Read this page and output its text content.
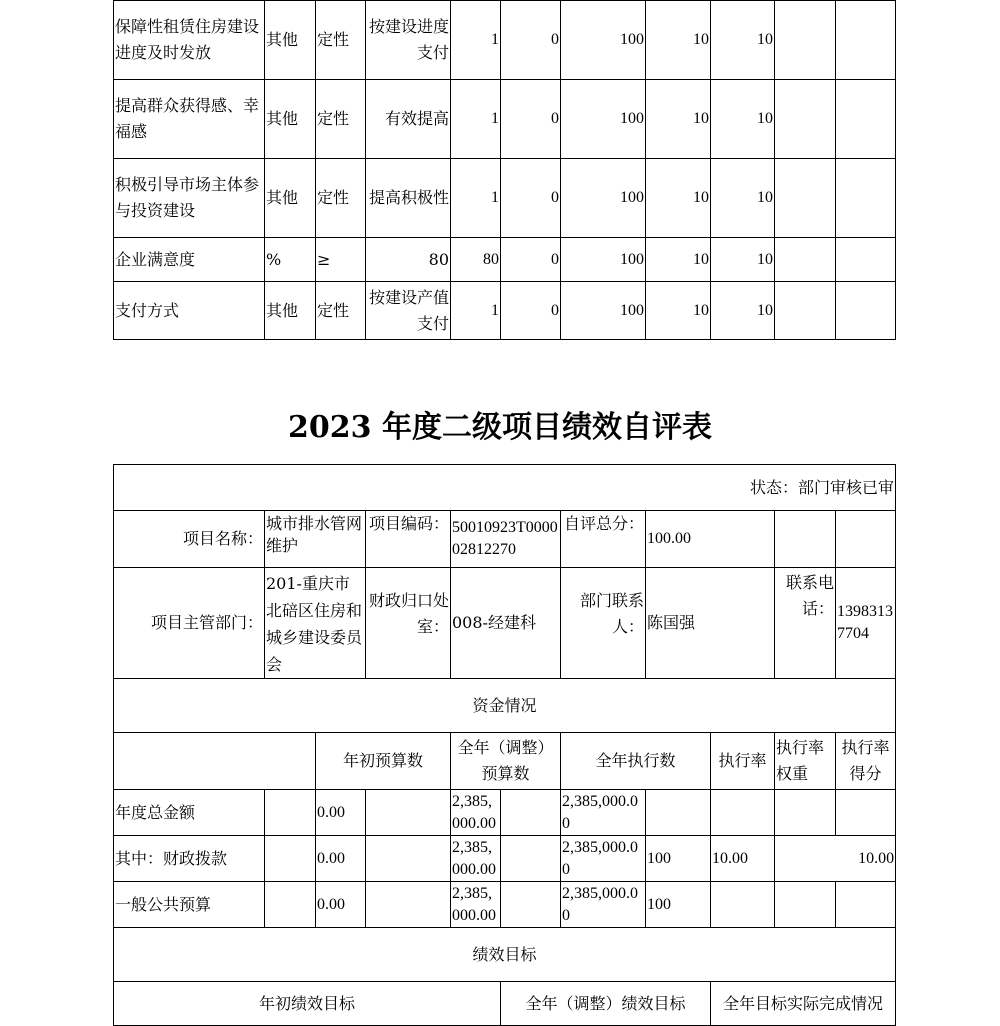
保障性租赁住房建设进度及时发放	其他	定性	按建设进度支付	1	0	100	10	10		
提高群众获得感、幸福感	其他	定性	有效提高	1	0	100	10	10		
积极引导市场主体参与投资建设	其他	定性	提高积极性	1	0	100	10	10		
企业满意度	%	≥	80	80	0	100	10	10		
支付方式	其他	定性	按建设产值支付	1	0	100	10	10		
2023 年度二级项目绩效自评表
状态：部门审核已审										
项目名称：	城市排水管网维护		项目编码：	50010923T000002812270		自评总分：	100.00			
项目主管部门：	201-重庆市北碚区住房和城乡建设委员会		财政归口处室：	008-经建科		部门联系人：	陈国强		联系电话：	13983137704
资金情况										
		年初预算数		全年（调整）预算数		全年执行数		执行率	执行率权重	执行率得分
年度总金额		0.00		2,385,000.00		2,385,000.00				
其中：财政拨款		0.00		2,385,000.00		2,385,000.00	100	10.00	10.00	
一般公共预算		0.00		2,385,000.00		2,385,000.00	100			
绩效目标										
年初绩效目标					全年（调整）绩效目标			全年目标实际完成情况		
